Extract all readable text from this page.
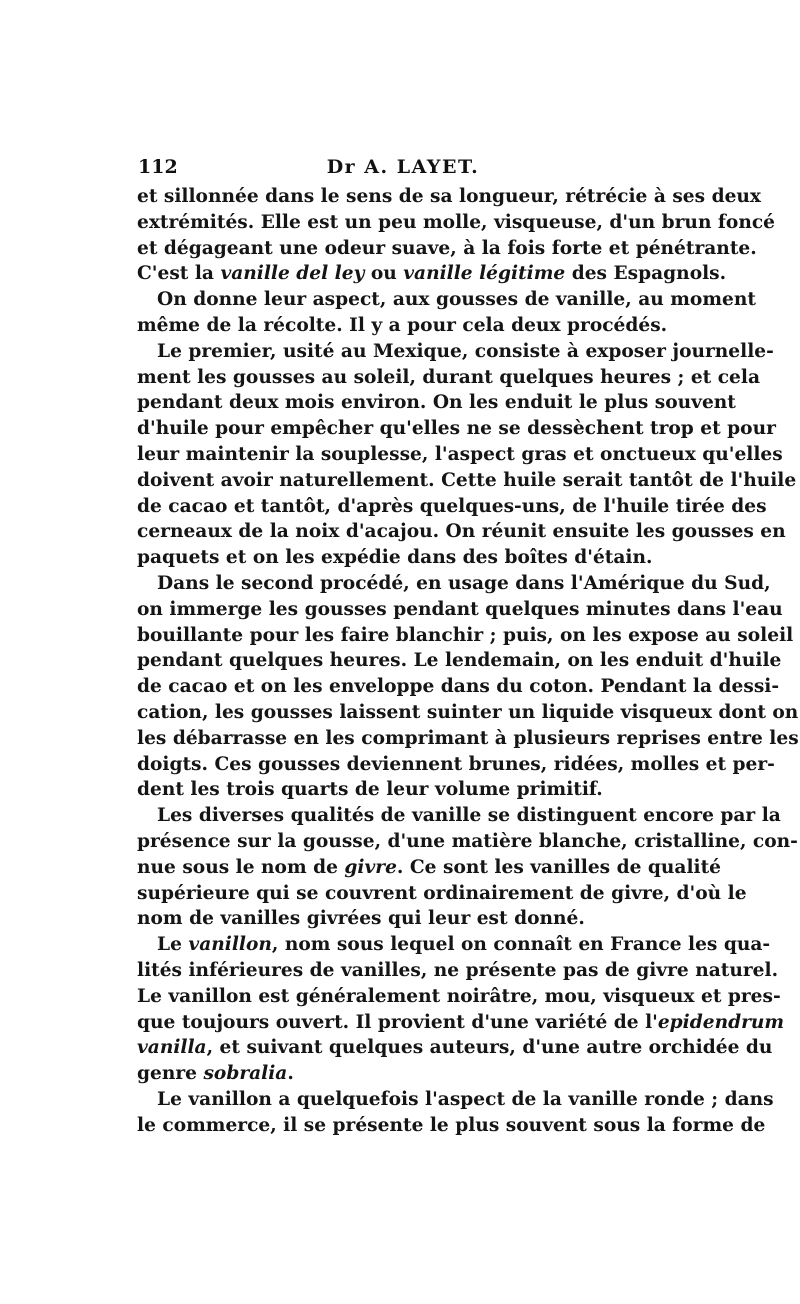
112	Dr A. LAYET.

et sillonnée dans le sens de sa longueur, rétrécie à ses deux
extrémités. Elle est un peu molle, visqueuse, d'un brun foncé
et dégageant une odeur suave, à la fois forte et pénétrante.
C'est la vanille del ley ou vanille légitime des Espagnols.

On donne leur aspect, aux gousses de vanille, au moment
même de la récolte. Il y a pour cela deux procédés.

Le premier, usité au Mexique, consiste à exposer journelle-
ment les gousses au soleil, durant quelques heures ; et cela
pendant deux mois environ. On les enduit le plus souvent
d'huile pour empêcher qu'elles ne se dessèchent trop et pour
leur maintenir la souplesse, l'aspect gras et onctueux qu'elles
doivent avoir naturellement. Cette huile serait tantôt de l'huile
de cacao et tantôt, d'après quelques-uns, de l'huile tirée des
cerneaux de la noix d'acajou. On réunit ensuite les gousses en
paquets et on les expédie dans des boîtes d'étain.

Dans le second procédé, en usage dans l'Amérique du Sud,
on immerge les gousses pendant quelques minutes dans l'eau
bouillante pour les faire blanchir ; puis, on les expose au soleil
pendant quelques heures. Le lendemain, on les enduit d'huile
de cacao et on les enveloppe dans du coton. Pendant la dessi-
cation, les gousses laissent suinter un liquide visqueux dont on
les débarrasse en les comprimant à plusieurs reprises entre les
doigts. Ces gousses deviennent brunes, ridées, molles et per-
dent les trois quarts de leur volume primitif.

Les diverses qualités de vanille se distinguent encore par la
présence sur la gousse, d'une matière blanche, cristalline, con-
nue sous le nom de givre. Ce sont les vanilles de qualité
supérieure qui se couvrent ordinairement de givre, d'où le
nom de vanilles givrées qui leur est donné.

Le vanillon, nom sous lequel on connaît en France les qua-
lités inférieures de vanilles, ne présente pas de givre naturel.
Le vanillon est généralement noirâtre, mou, visqueux et pres-
que toujours ouvert. Il provient d'une variété de l'epidendrum
vanilla, et suivant quelques auteurs, d'une autre orchidée du
genre sobralia.

Le vanillon a quelquefois l'aspect de la vanille ronde ; dans
le commerce, il se présente le plus souvent sous la forme de
